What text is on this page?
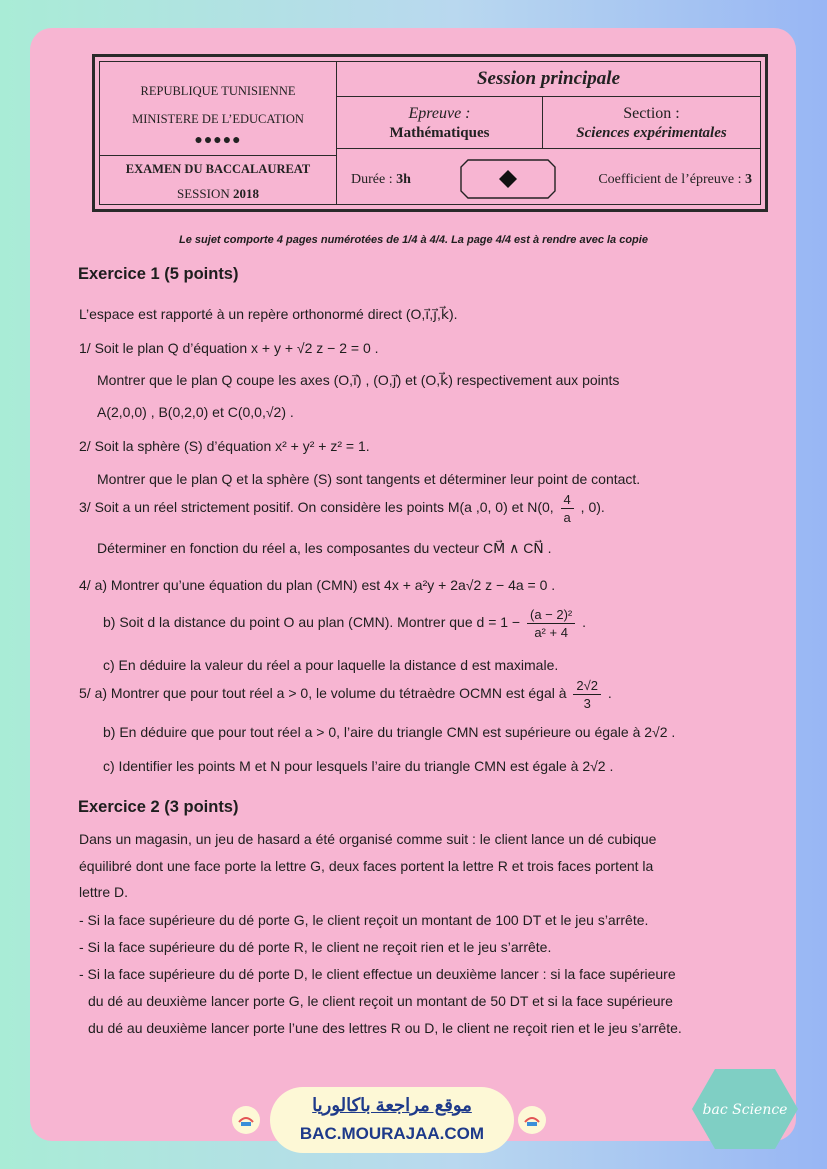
REPUBLIQUE TUNISIENNE
MINISTERE DE L’EDUCATION
●●●●●
EXAMEN DU BACCALAUREAT
SESSION 2018
Session principale
Epreuve :
Mathématiques
Section :
Sciences expérimentales
Durée : 3h	Coefficient de l’épreuve : 3
Le sujet comporte 4 pages numérotées de 1/4 à 4/4. La page 4/4 est à rendre avec la copie
Exercice 1 (5 points)
L’espace est rapporté à un repère orthonormé direct (O,i⃗,j⃗,k⃗).
1/ Soit le plan Q d’équation x + y + √2 z − 2 = 0 .
Montrer que le plan Q coupe les axes (O,i⃗) , (O,j⃗) et (O,k⃗) respectivement aux points
A(2,0,0) , B(0,2,0) et C(0,0,√2) .
2/ Soit la sphère (S) d’équation x² + y² + z² = 1.
Montrer que le plan Q et la sphère (S) sont tangents et déterminer leur point de contact.
3/ Soit a un réel strictement positif. On considère les points M(a ,0, 0) et N(0, $\frac{4}{a}$ , 0).
Déterminer en fonction du réel a, les composantes du vecteur CM⃗ ∧ CN⃗ .
4/ a) Montrer qu’une équation du plan (CMN) est 4x + a²y + 2a√2 z − 4a = 0 .
b) Soit d la distance du point O au plan (CMN). Montrer que $d = 1 - \frac{\text{(a − 2)²}}{\text{a² + 4}}$ .
c) En déduire la valeur du réel a pour laquelle la distance d est maximale.
5/ a) Montrer que pour tout réel a > 0, le volume du tétraèdre OCMN est égal à $\frac{2√2}{3}$ .
b) En déduire que pour tout réel a > 0, l’aire du triangle CMN est supérieure ou égale à 2√2 .
c) Identifier les points M et N pour lesquels l’aire du triangle CMN est égale à 2√2 .
Exercice 2 (3 points)
Dans un magasin, un jeu de hasard a été organisé comme suit : le client lance un dé cubique
équilibré dont une face porte la lettre G, deux faces portent la lettre R et trois faces portent la
lettre D.
- Si la face supérieure du dé porte G, le client reçoit un montant de 100 DT et le jeu s’arrête.
- Si la face supérieure du dé porte R, le client ne reçoit rien et le jeu s’arrête.
- Si la face supérieure du dé porte D, le client effectue un deuxième lancer : si la face supérieure
du dé au deuxième lancer porte G, le client reçoit un montant de 50 DT et si la face supérieure
du dé au deuxième lancer porte l’une des lettres R ou D, le client ne reçoit rien et le jeu s’arrête.
موقع مراجعة باكالوريا
BAC.MOURAJAA.COM
bac Science
